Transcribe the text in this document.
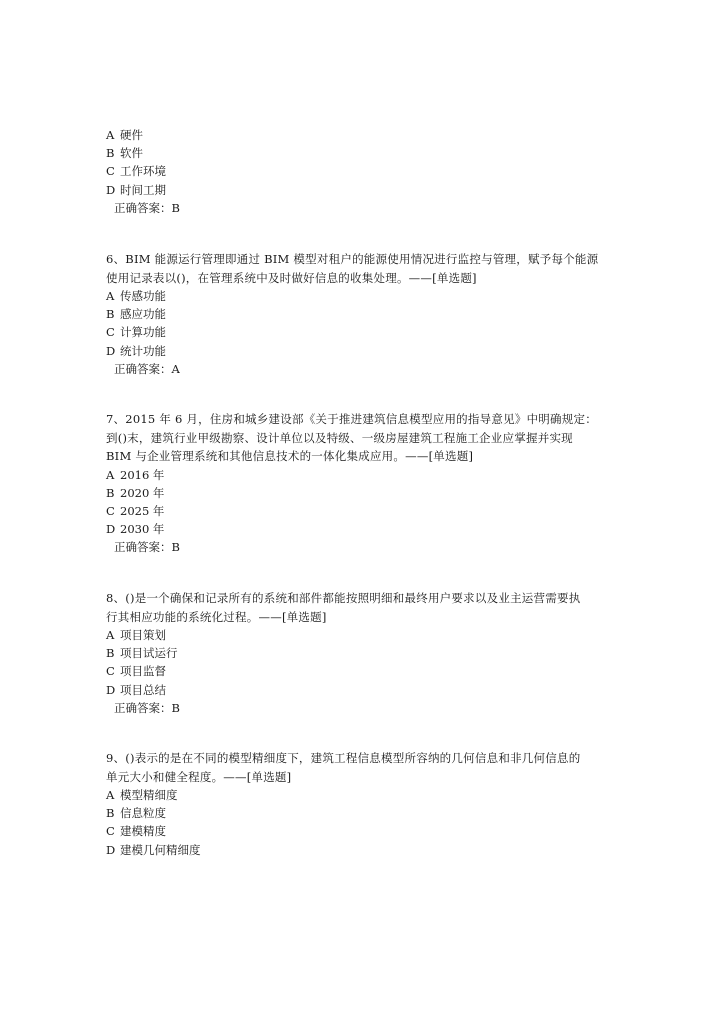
A 硬件
B 软件
C 工作环境
D 时间工期
正确答案：B
6、BIM 能源运行管理即通过 BIM 模型对租户的能源使用情况进行监控与管理，赋予每个能源
使用记录表以()，在管理系统中及时做好信息的收集处理。——[单选题]
A 传感功能
B 感应功能
C 计算功能
D 统计功能
正确答案：A
7、2015 年 6 月，住房和城乡建设部《关于推进建筑信息模型应用的指导意见》中明确规定：
到()末，建筑行业甲级勘察、设计单位以及特级、一级房屋建筑工程施工企业应掌握并实现
BIM 与企业管理系统和其他信息技术的一体化集成应用。——[单选题]
A 2016 年
B 2020 年
C 2025 年
D 2030 年
正确答案：B
8、()是一个确保和记录所有的系统和部件都能按照明细和最终用户要求以及业主运营需要执
行其相应功能的系统化过程。——[单选题]
A 项目策划
B 项目试运行
C 项目监督
D 项目总结
正确答案：B
9、()表示的是在不同的模型精细度下，建筑工程信息模型所容纳的几何信息和非几何信息的
单元大小和健全程度。——[单选题]
A 模型精细度
B 信息粒度
C 建模精度
D 建模几何精细度
